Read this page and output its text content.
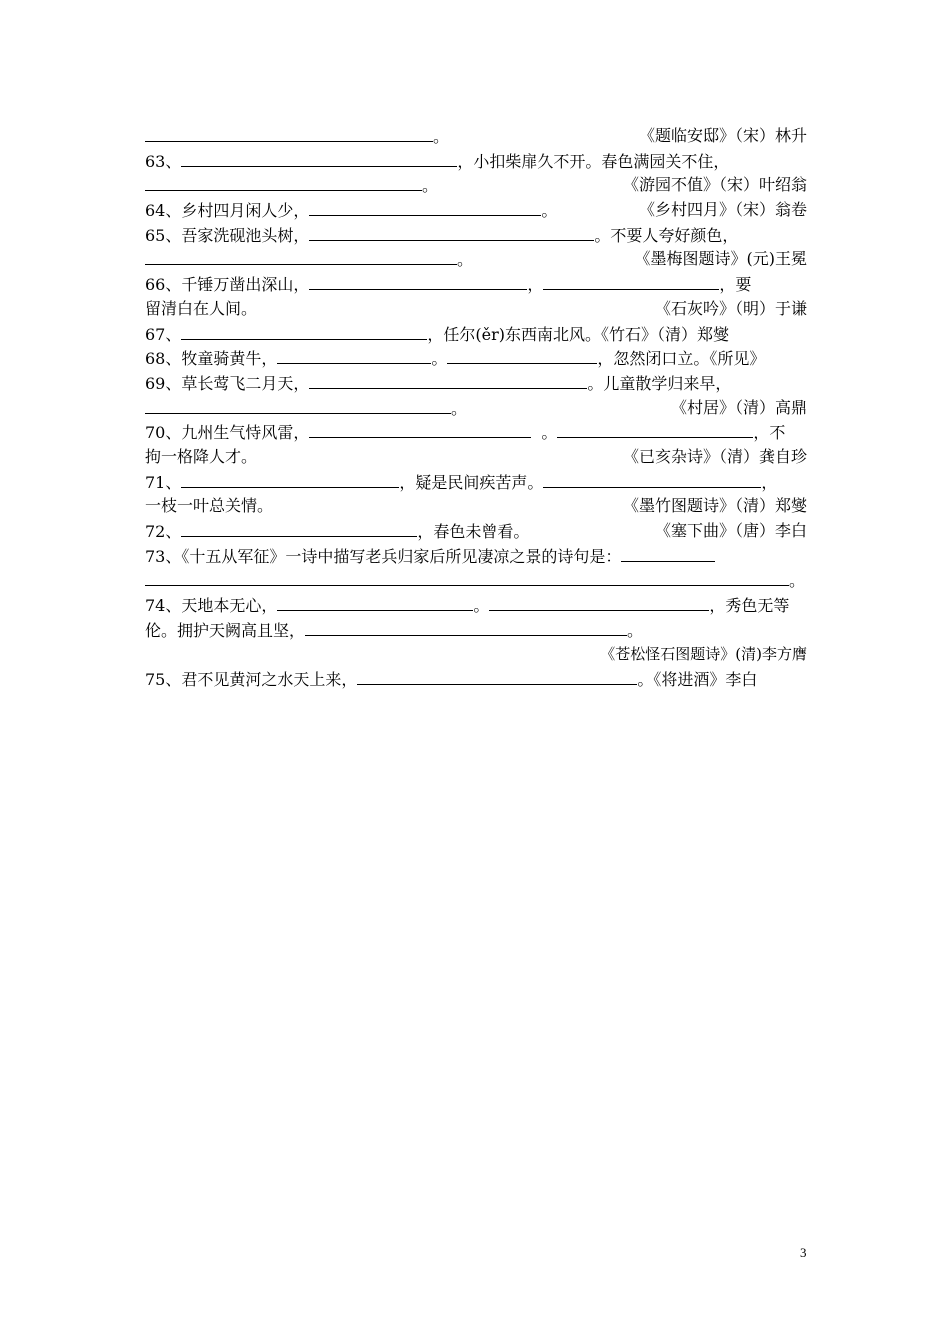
。	《题临安邸》（宋）林升
63、	，小扣柴扉久不开。春色满园关不住，
。	《游园不值》（宋）叶绍翁
64、乡村四月闲人少，	。	《乡村四月》（宋）翁卷
65、吾家洗砚池头树，	。不要人夸好颜色，
。	《墨梅图题诗》(元)王冕
66、千锤万凿出深山，	，	，要
留清白在人间。	《石灰吟》（明）于谦
67、	，任尔(ěr)东西南北风。《竹石》（清）郑燮
68、牧童骑黄牛，	。	，忽然闭口立。《所见》
69、草长莺飞二月天，	。儿童散学归来早，
。	《村居》（清）高鼎
70、九州生气恃风雷，	。	，不
拘一格降人才。	《已亥杂诗》（清）龚自珍
71、	，疑是民间疾苦声。	，
一枝一叶总关情。	《墨竹图题诗》（清）郑燮
72、	，春色未曾看。	《塞下曲》（唐）李白
73、《十五从军征》一诗中描写老兵归家后所见凄凉之景的诗句是：
。
74、天地本无心，	。	，秀色无等
伦。拥护天阙高且坚，	。
《苍松怪石图题诗》(清)李方膺
75、君不见黄河之水天上来，	。《将进酒》李白
3
